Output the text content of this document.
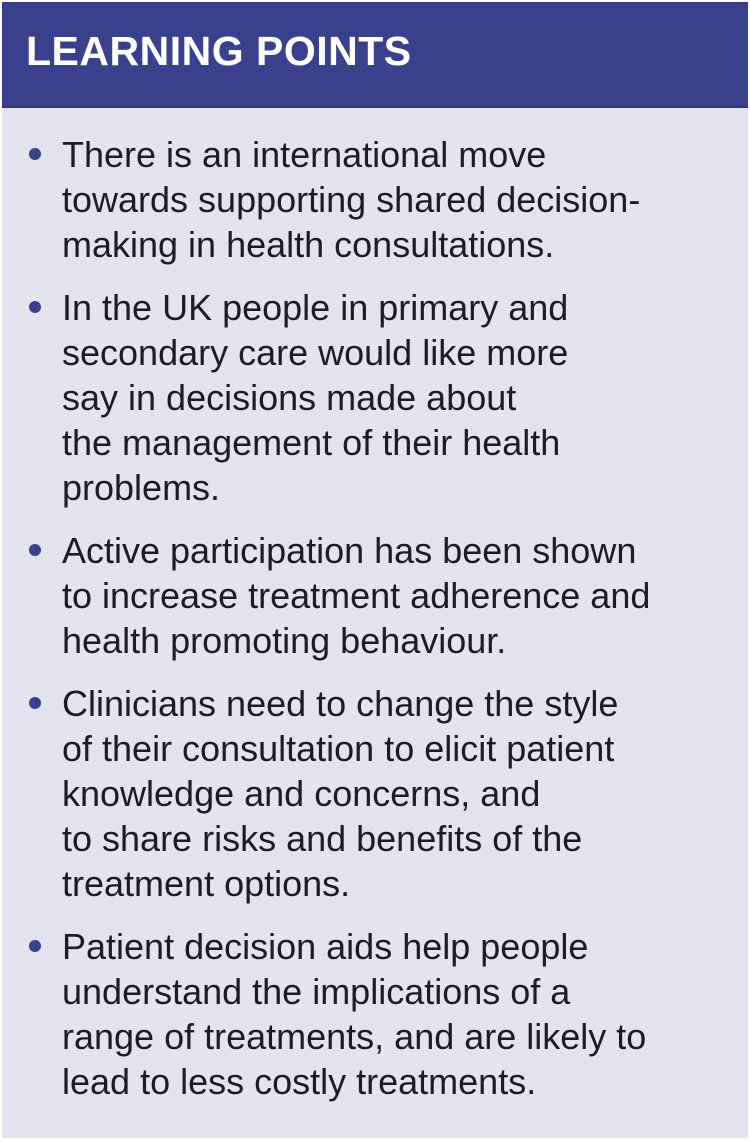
LEARNING POINTS
There is an international move
towards supporting shared decision-
making in health consultations.
In the UK people in primary and
secondary care would like more
say in decisions made about
the management of their health
problems.
Active participation has been shown
to increase treatment adherence and
health promoting behaviour.
Clinicians need to change the style
of their consultation to elicit patient
knowledge and concerns, and
to share risks and benefits of the
treatment options.
Patient decision aids help people
understand the implications of a
range of treatments, and are likely to
lead to less costly treatments.
